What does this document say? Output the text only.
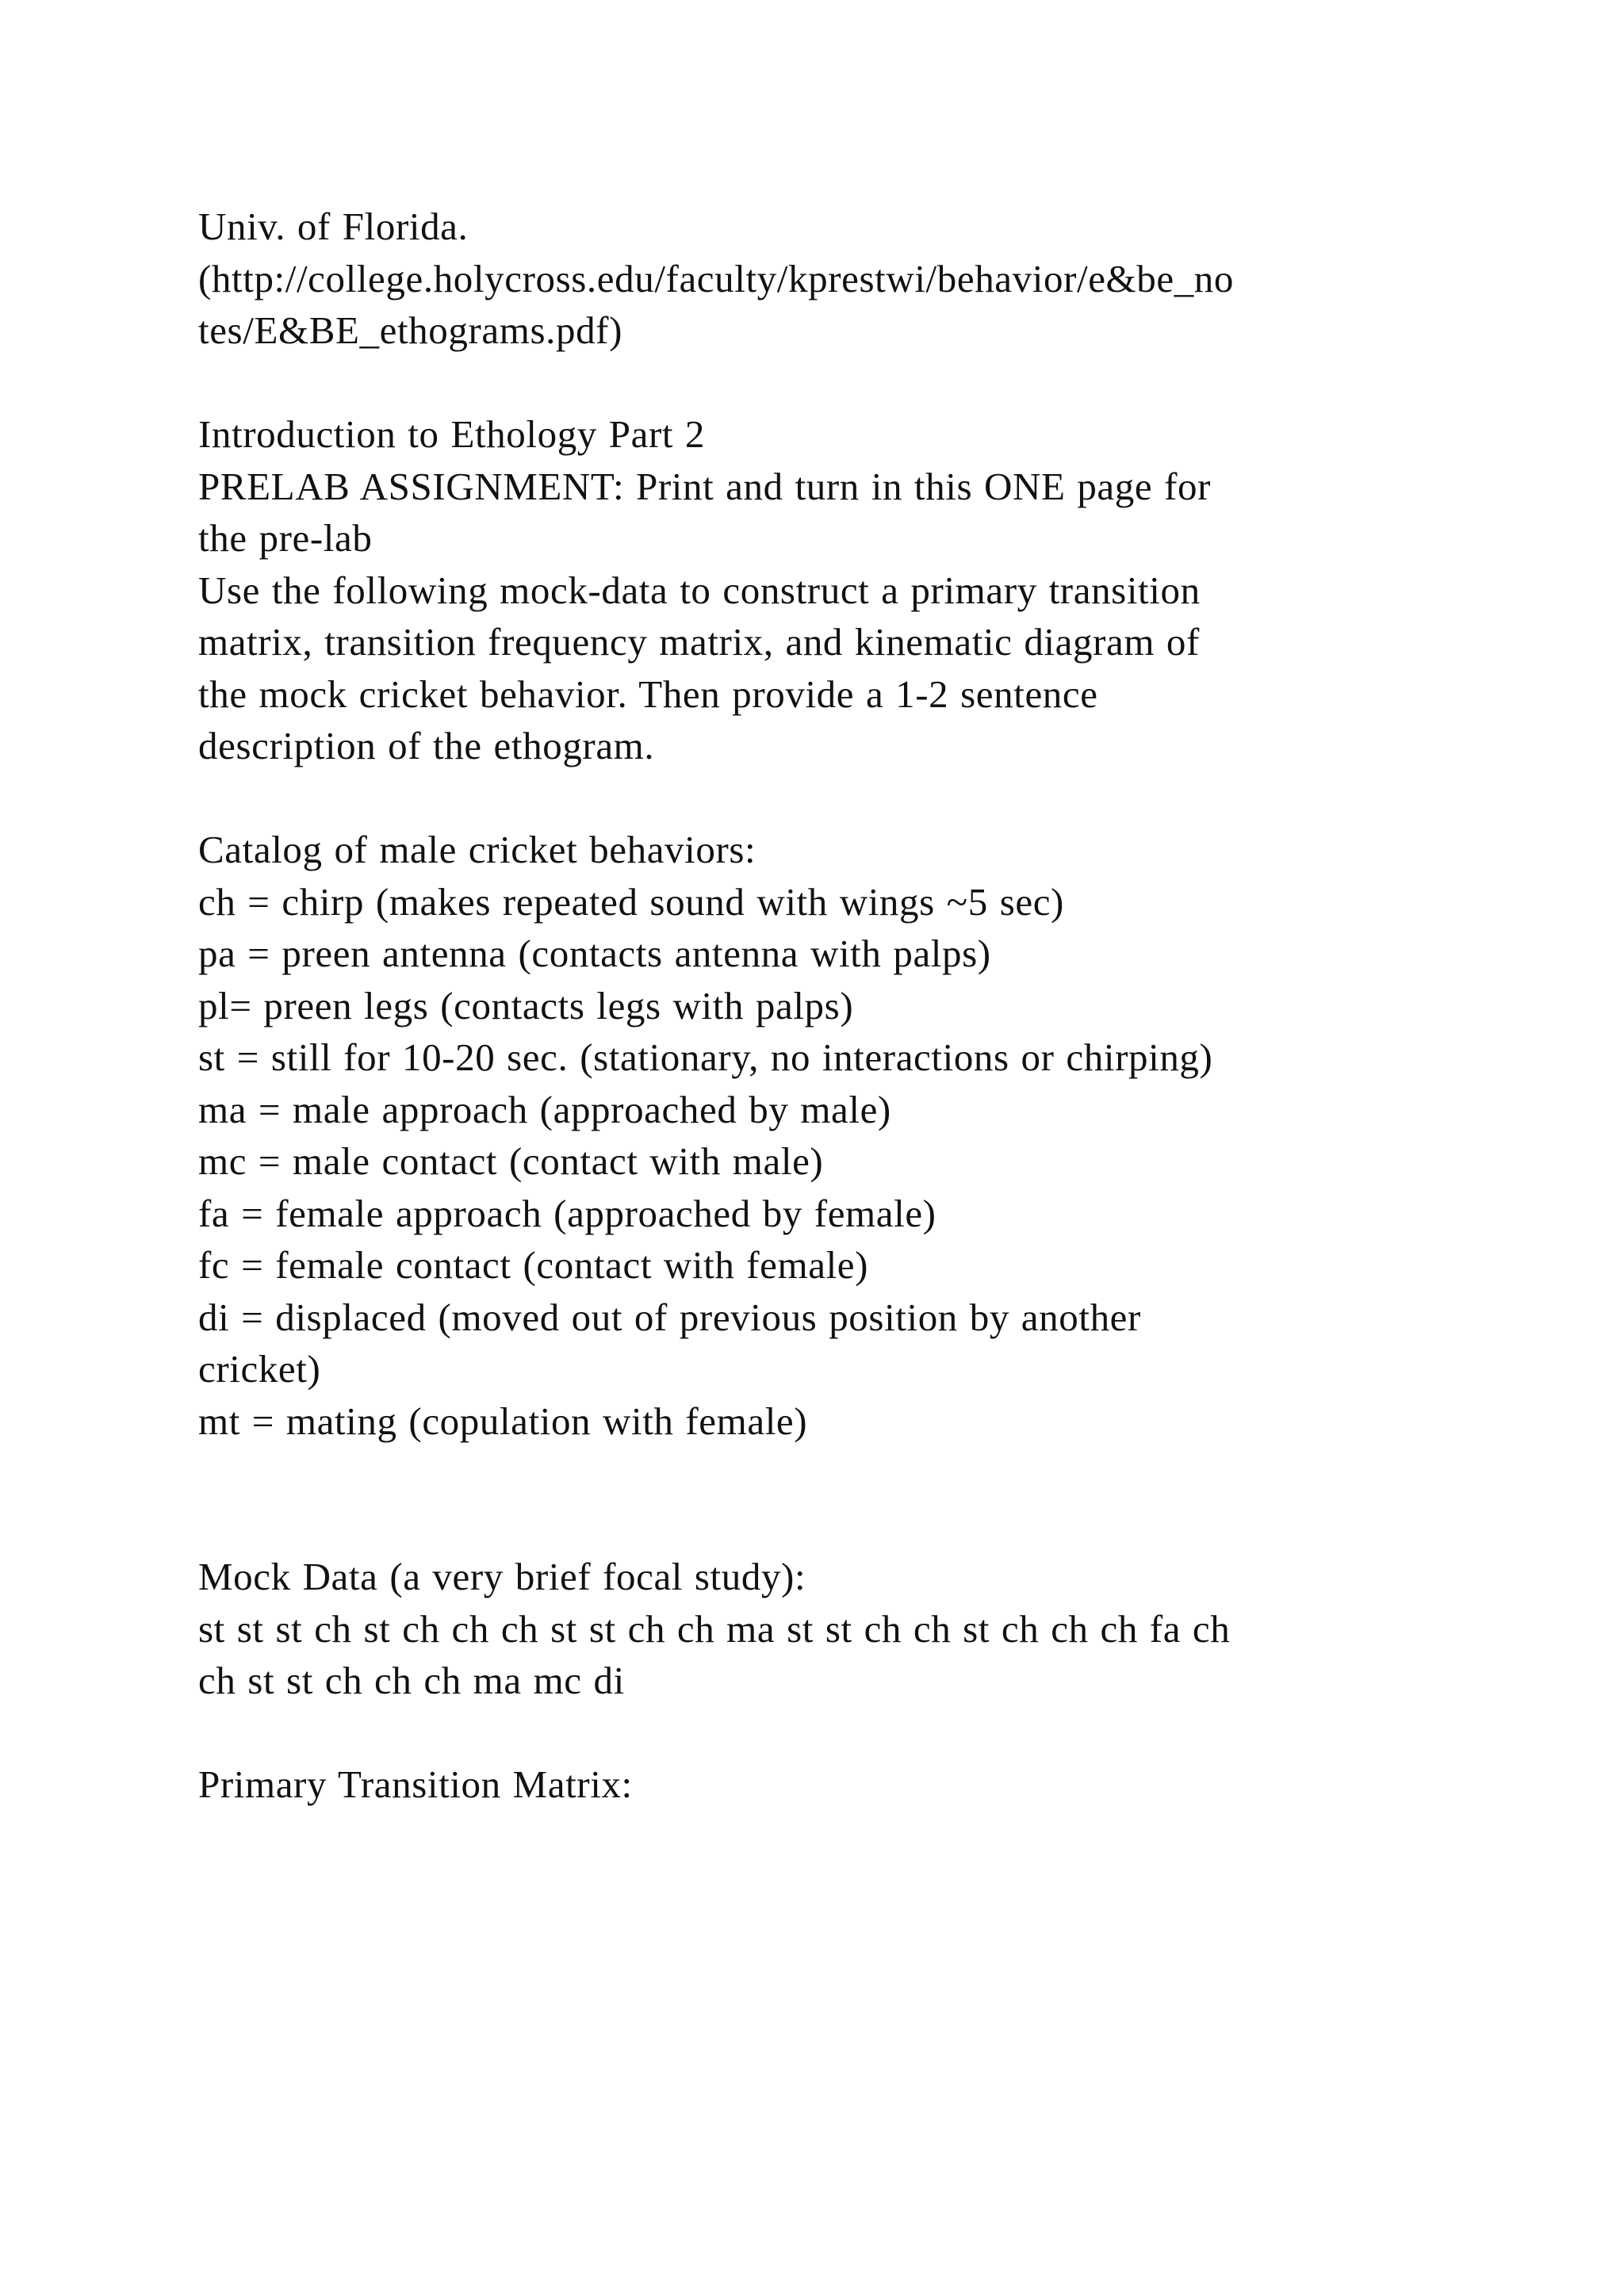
Univ. of Florida.
(http://college.holycross.edu/faculty/kprestwi/behavior/e&be_no
tes/E&BE_ethograms.pdf)
Introduction to Ethology Part 2
PRELAB ASSIGNMENT: Print and turn in this ONE page for
the pre-lab
Use the following mock-data to construct a primary transition
matrix, transition frequency matrix, and kinematic diagram of
the mock cricket behavior. Then provide a 1-2 sentence
description of the ethogram.
Catalog of male cricket behaviors:
ch = chirp (makes repeated sound with wings ~5 sec)
pa = preen antenna (contacts antenna with palps)
pl= preen legs (contacts legs with palps)
st = still for 10-20 sec. (stationary, no interactions or chirping)
ma = male approach (approached by male)
mc = male contact (contact with male)
fa = female approach (approached by female)
fc = female contact (contact with female)
di = displaced (moved out of previous position by another
cricket)
mt = mating (copulation with female)
Mock Data (a very brief focal study):
st st st ch st ch ch ch st st ch ch ma st st ch ch st ch ch ch fa ch
ch st st ch ch ch ma mc di
Primary Transition Matrix:
